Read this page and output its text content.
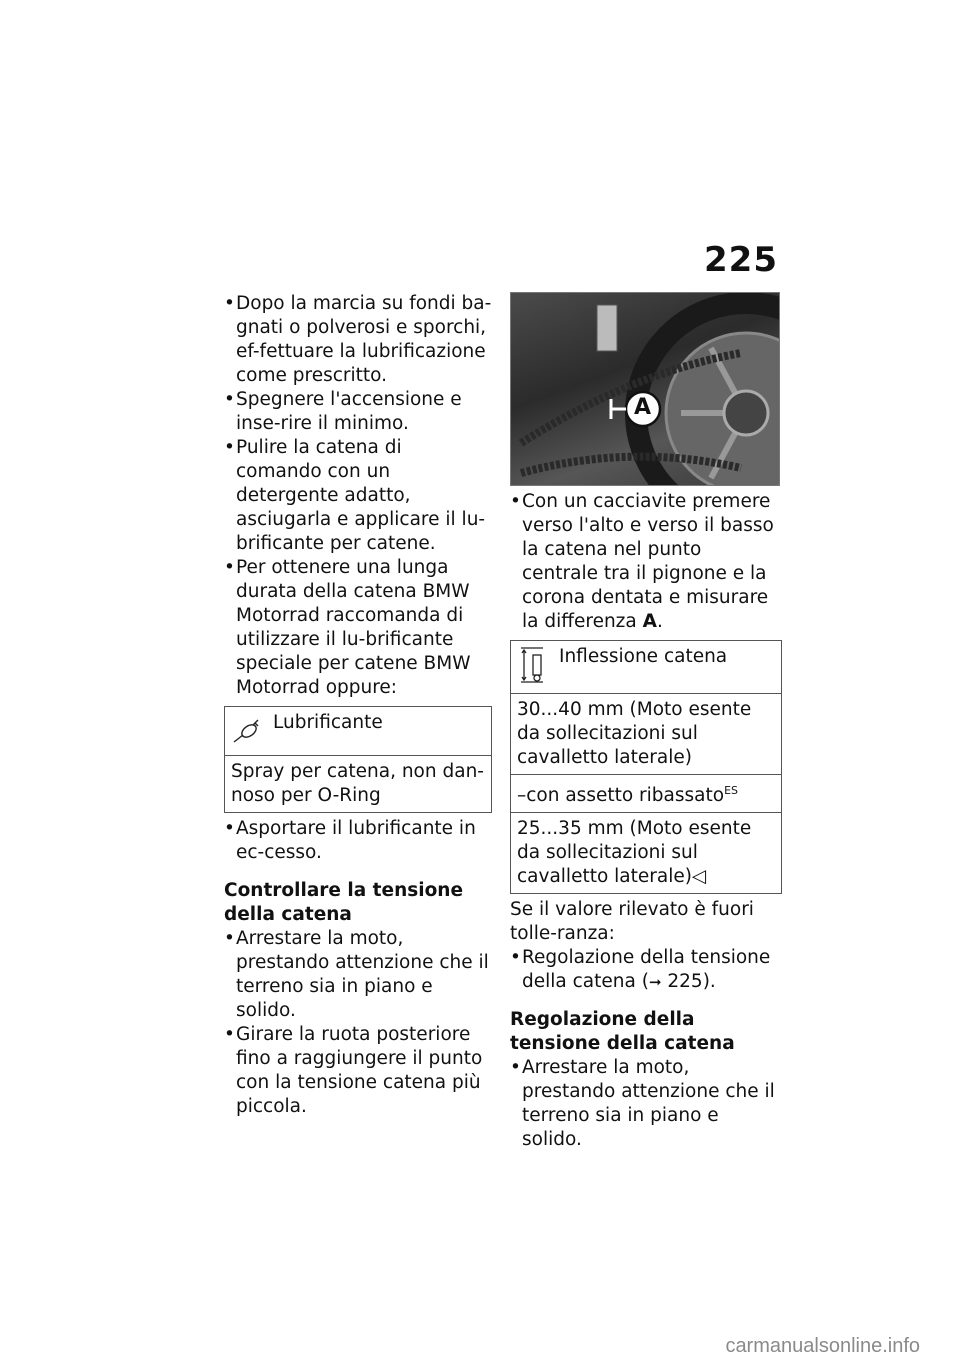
225

• Dopo la marcia su fondi ba-gnati o polverosi e sporchi, ef-fettuare la lubrificazione come prescritto.

• Spegnere l'accensione e inse-rire il minimo.

• Pulire la catena di comando con un detergente adatto, asciugarla e applicare il lu-brificante per catene.

• Per ottenere una lunga durata della catena BMW Motorrad raccomanda di utilizzare il lu-brificante speciale per catene BMW Motorrad oppure:

Lubrificante
Spray per catena, non dan-noso per O-Ring

• Asportare il lubrificante in ec-cesso.

Controllare la tensione della catena

• Arrestare la moto, prestando attenzione che il terreno sia in piano e solido.

• Girare la ruota posteriore fino a raggiungere il punto con la tensione catena più piccola.

A

• Con un cacciavite premere verso l'alto e verso il basso la catena nel punto centrale tra il pignone e la corona dentata e misurare la differenza A.

Inflessione catena
30...40 mm (Moto esente da sollecitazioni sul cavalletto laterale)
–con assetto ribassato$^{ES}$
25...35 mm (Moto esente da sollecitazioni sul cavalletto laterale)◁

Se il valore rilevato è fuori tolle-ranza:

• Regolazione della tensione della catena (➞ 225).

Regolazione della tensione della catena

• Arrestare la moto, prestando attenzione che il terreno sia in piano e solido.

carmanualsonline.info
